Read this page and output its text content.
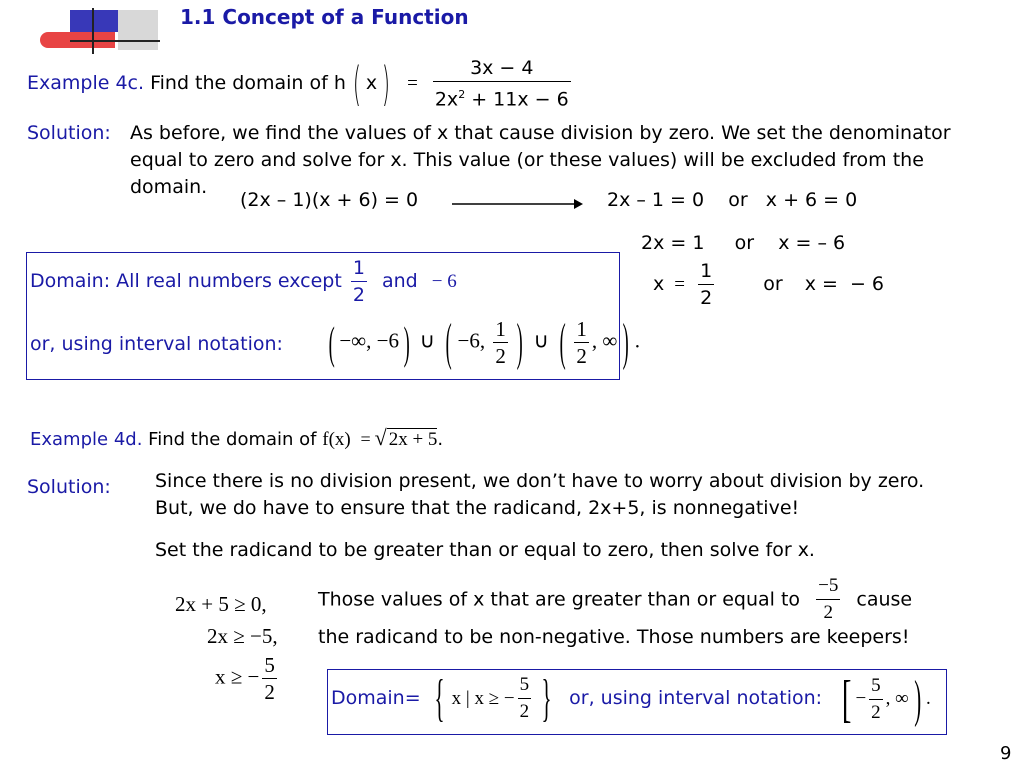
1.1 Concept of a Function
Example 4c. Find the domain of h ( x ) = $\frac{3x - 4}{2x^2 + 11x - 6}$
Solution: As before, we find the values of x that cause division by zero. We set the denominator
equal to zero and solve for x. This value (or these values) will be excluded from the
domain.
(2x – 1)(x + 6) = 0	2x – 1 = 0    or   x + 6 = 0
2x = 1     or    x = – 6
$x = \frac{1}{2}$	or x =  − 6
Domain: All real numbers except $\frac{1}{2}$ and − 6
or, using interval notation: ( −∞, −6) ∪ ( −6, $\frac{1}{2}$ ) ∪ ( $\frac{1}{2}$ , ∞ ) .
Example 4d. Find the domain of f(x) = √ 2x + 5.
Solution: Since there is no division present, we don’t have to worry about division by zero.
But, we do have to ensure that the radicand, 2x+5, is nonnegative!
Set the radicand to be greater than or equal to zero, then solve for x.
2x + 5 ≥ 0,
2x ≥ −5,
x ≥ − $\frac{5}{2}$
Those values of x that are greater than or equal to $\frac{-5}{2}$ cause
the radicand to be non-negative. Those numbers are keepers!
Domain= { x | x ≥ − $\frac{5}{2}$ } or, using interval notation: [ − $\frac{5}{2}$ , ∞) .
9
